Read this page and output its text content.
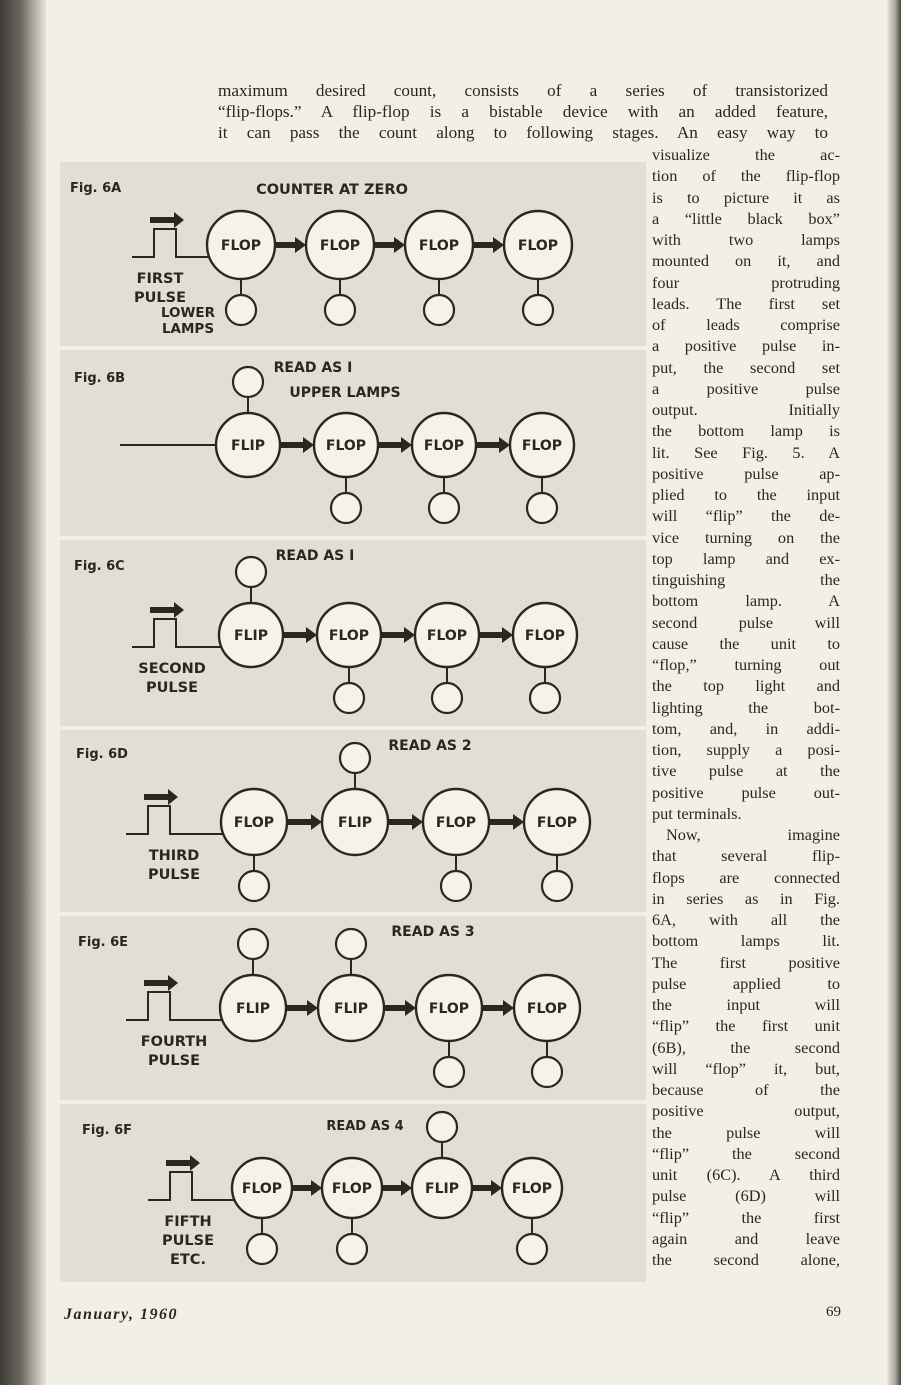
maximum desired count, consists of a series of transistorized

“flip-flops.” A flip-flop is a bistable device with an added feature,

it can pass the count along to following stages. An easy way to

visualize the ac-

tion of the flip-flop

is to picture it as

a “little black box”

with two lamps

mounted on it, and

four protruding

leads. The first set

of leads comprise

a positive pulse in-

put, the second set

a positive pulse

output. Initially

the bottom lamp is

lit. See Fig. 5. A

positive pulse ap-

plied to the input

will “flip” the de-

vice turning on the

top lamp and ex-

tinguishing the

bottom lamp. A

second pulse will

cause the unit to

“flop,” turning out

the top light and

lighting the bot-

tom, and, in addi-

tion, supply a posi-

tive pulse at the

positive pulse out-

put terminals.

Now, imagine

that several flip-

flops are connected

in series as in Fig.

6A, with all the

bottom lamps lit.

The first positive

pulse applied to

the input will

“flip” the first unit

(6B), the second

will “flop” it, but,

because of the

positive output,

the pulse will

“flip” the second

unit (6C). A third

pulse (6D) will

“flip” the first

again and leave

the second alone,

Fig. 6A	COUNTER AT ZERO
FIRST
PULSE
LOWER
LAMPS
FLOP	FLOP	FLOP	FLOP
Fig. 6B
READ AS I
UPPER LAMPS
FLIP	FLOP	FLOP	FLOP
Fig. 6C
READ AS I
SECOND
PULSE
FLIP	FLOP	FLOP	FLOP
Fig. 6D
READ AS 2
THIRD
PULSE
FLOP	FLIP	FLOP	FLOP
Fig. 6E
READ AS 3
FOURTH
PULSE
FLIP	FLIP	FLOP	FLOP
Fig. 6F	READ AS 4
FIFTH
PULSE
ETC.
FLOP	FLOP	FLIP	FLOP
January, 1960	69
